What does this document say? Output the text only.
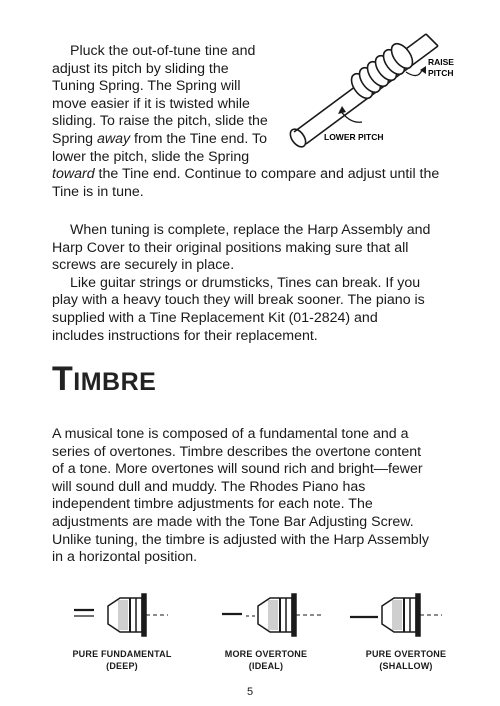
RAISE
PITCH
LOWER PITCH

Pluck the out-of-tune tine and adjust its pitch by sliding the Tuning Spring. The Spring will move easier if it is twisted while sliding. To raise the pitch, slide the Spring away from the Tine end. To lower the pitch, slide the Spring toward the Tine end. Continue to compare and adjust until the Tine is in tune.

When tuning is complete, replace the Harp Assembly and Harp Cover to their original positions making sure that all screws are securely in place.

Like guitar strings or drumsticks, Tines can break. If you play with a heavy touch they will break sooner. The piano is supplied with a Tine Replacement Kit (01-2824) and includes instructions for their replacement.

TIMBRE

A musical tone is composed of a fundamental tone and a series of overtones. Timbre describes the overtone content of a tone. More overtones will sound rich and bright—fewer will sound dull and muddy. The Rhodes Piano has independent timbre adjustments for each note. The adjustments are made with the Tone Bar Adjusting Screw. Unlike tuning, the timbre is adjusted with the Harp Assembly in a horizontal position.

PURE FUNDAMENTAL
(DEEP)
MORE OVERTONE
(IDEAL)
PURE OVERTONE
(SHALLOW)
5
